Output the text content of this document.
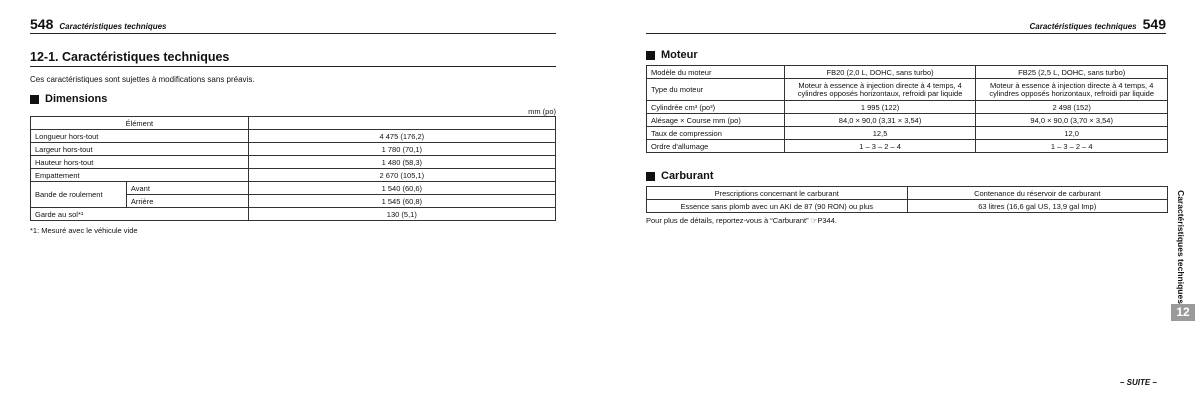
548 Caractéristiques techniques
12-1. Caractéristiques techniques
Ces caractéristiques sont sujettes à modifications sans préavis.
Dimensions
mm (po)
Élément		
Longueur hors-tout		4 475 (176,2)
Largeur hors-tout		1 780 (70,1)
Hauteur hors-tout		1 480 (58,3)
Empattement		2 670 (105,1)
Bande de roulement	Avant	1 540 (60,6)
	Arrière	1 545 (60,8)
Garde au sol*¹		130 (5,1)
*1: Mesuré avec le véhicule vide
Caractéristiques techniques 549
Moteur
Modèle du moteur	FB20 (2,0 L, DOHC, sans turbo)	FB25 (2,5 L, DOHC, sans turbo)
Type du moteur	Moteur à essence à injection directe à 4 temps, 4 cylindres opposés horizontaux, refroidi par liquide	Moteur à essence à injection directe à 4 temps, 4 cylindres opposés horizontaux, refroidi par liquide
Cylindrée cm³ (po³)	1 995 (122)	2 498 (152)
Alésage × Course mm (po)	84,0 × 90,0 (3,31 × 3,54)	94,0 × 90,0 (3,70 × 3,54)
Taux de compression	12,5	12,0
Ordre d'allumage	1 – 3 – 2 – 4	1 – 3 – 2 – 4
Carburant
Prescriptions concernant le carburant	Contenance du réservoir de carburant
Essence sans plomb avec un AKI de 87 (90 RON) ou plus	63 litres (16,6 gal US, 13,9 gal Imp)
Pour plus de détails, reportez-vous à “Carburant” ☞P344.	Caractéristiques techniques
12
– SUITE –
